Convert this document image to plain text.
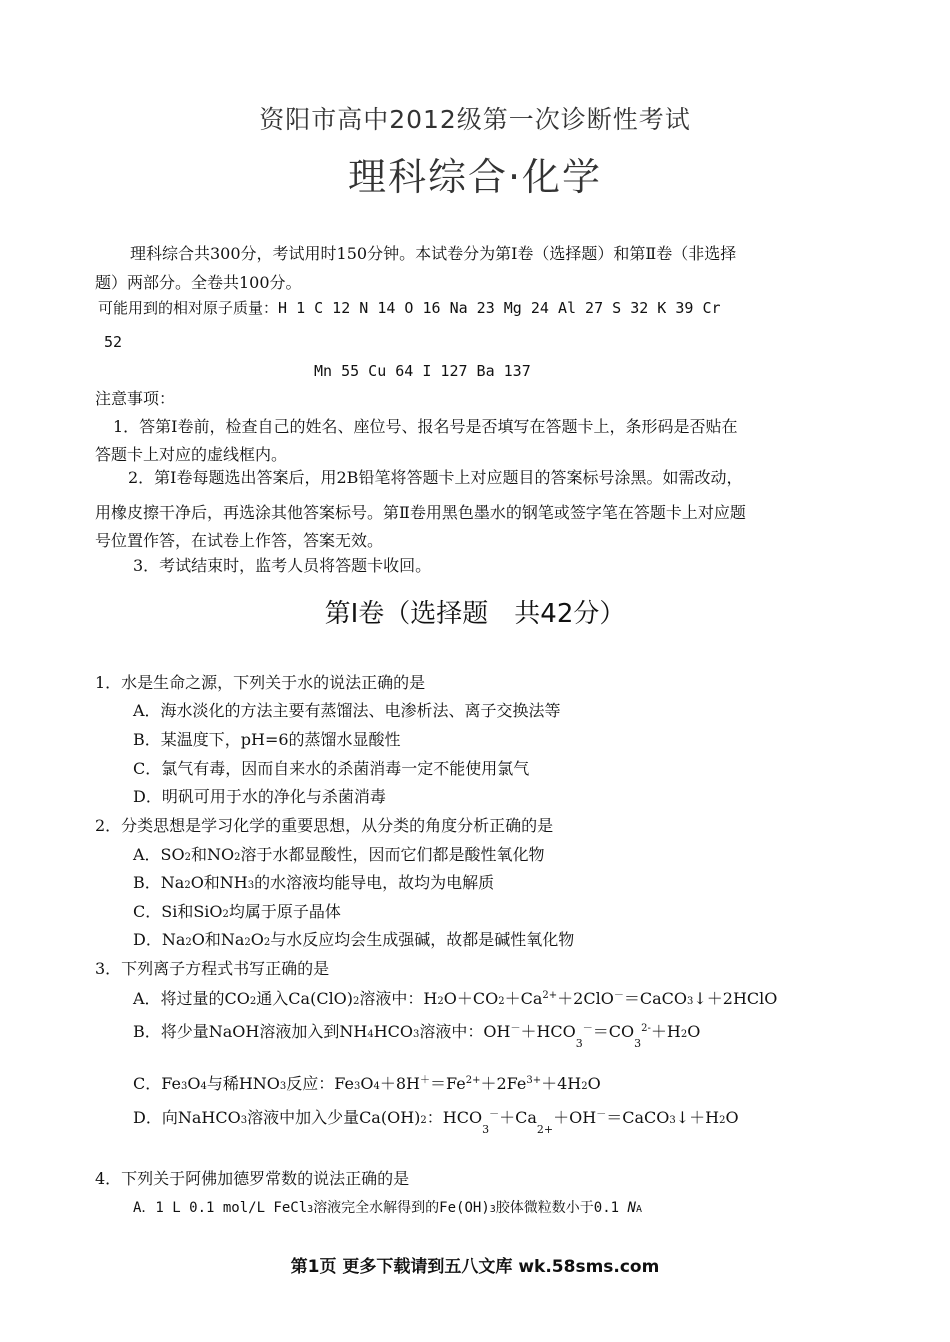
资阳市高中2012级第一次诊断性考试
理科综合·化学
理科综合共300分，考试用时150分钟。本试卷分为第Ⅰ卷（选择题）和第Ⅱ卷（非选择
题）两部分。全卷共100分。
可能用到的相对原子质量：H 1 C 12 N 14 O 16 Na 23 Mg 24 Al 27 S 32 K 39 Cr
52
Mn 55 Cu 64 I 127 Ba 137
注意事项：
1．答第Ⅰ卷前，检查自己的姓名、座位号、报名号是否填写在答题卡上，条形码是否贴在
答题卡上对应的虚线框内。
2．第Ⅰ卷每题选出答案后，用2B铅笔将答题卡上对应题目的答案标号涂黑。如需改动，
用橡皮擦干净后，再选涂其他答案标号。第Ⅱ卷用黑色墨水的钢笔或签字笔在答题卡上对应题
号位置作答，在试卷上作答，答案无效。
3．考试结束时，监考人员将答题卡收回。
第Ⅰ卷（选择题　共42分）
1．水是生命之源，下列关于水的说法正确的是
A．海水淡化的方法主要有蒸馏法、电渗析法、离子交换法等
B．某温度下，pH=6的蒸馏水显酸性
C．氯气有毒，因而自来水的杀菌消毒一定不能使用氯气
D．明矾可用于水的净化与杀菌消毒
2．分类思想是学习化学的重要思想，从分类的角度分析正确的是
A．SO2和NO2溶于水都显酸性，因而它们都是酸性氧化物
B．Na2O和NH3的水溶液均能导电，故均为电解质
C．Si和SiO2均属于原子晶体
D．Na2O和Na2O2与水反应均会生成强碱，故都是碱性氧化物
3．下列离子方程式书写正确的是
A．将过量的CO2通入Ca(ClO)2溶液中：$H2O+CO2+Ca^{2+}+2ClO^-=CaCO3↓+2HClO$
B．将少量NaOH溶液加入到NH4HCO3溶液中：$OH^-+HCO_3^-=CO_3^{2-}+H2O$
C．Fe3O4与稀HNO3反应：$Fe3O4+8H^+=Fe^{2+}+2Fe^{3+}+4H2O$
D．向NaHCO3溶液中加入少量Ca(OH)2：$HCO_3^-+Ca_{2+}+OH^-=CaCO3↓+H2O$
4．下列关于阿佛加德罗常数的说法正确的是
A．1 L 0.1 mol/L FeCl3溶液完全水解得到的Fe(OH)3胶体微粒数小于0.1 NA
第1页 更多下载请到五八文库 wk.58sms.com
